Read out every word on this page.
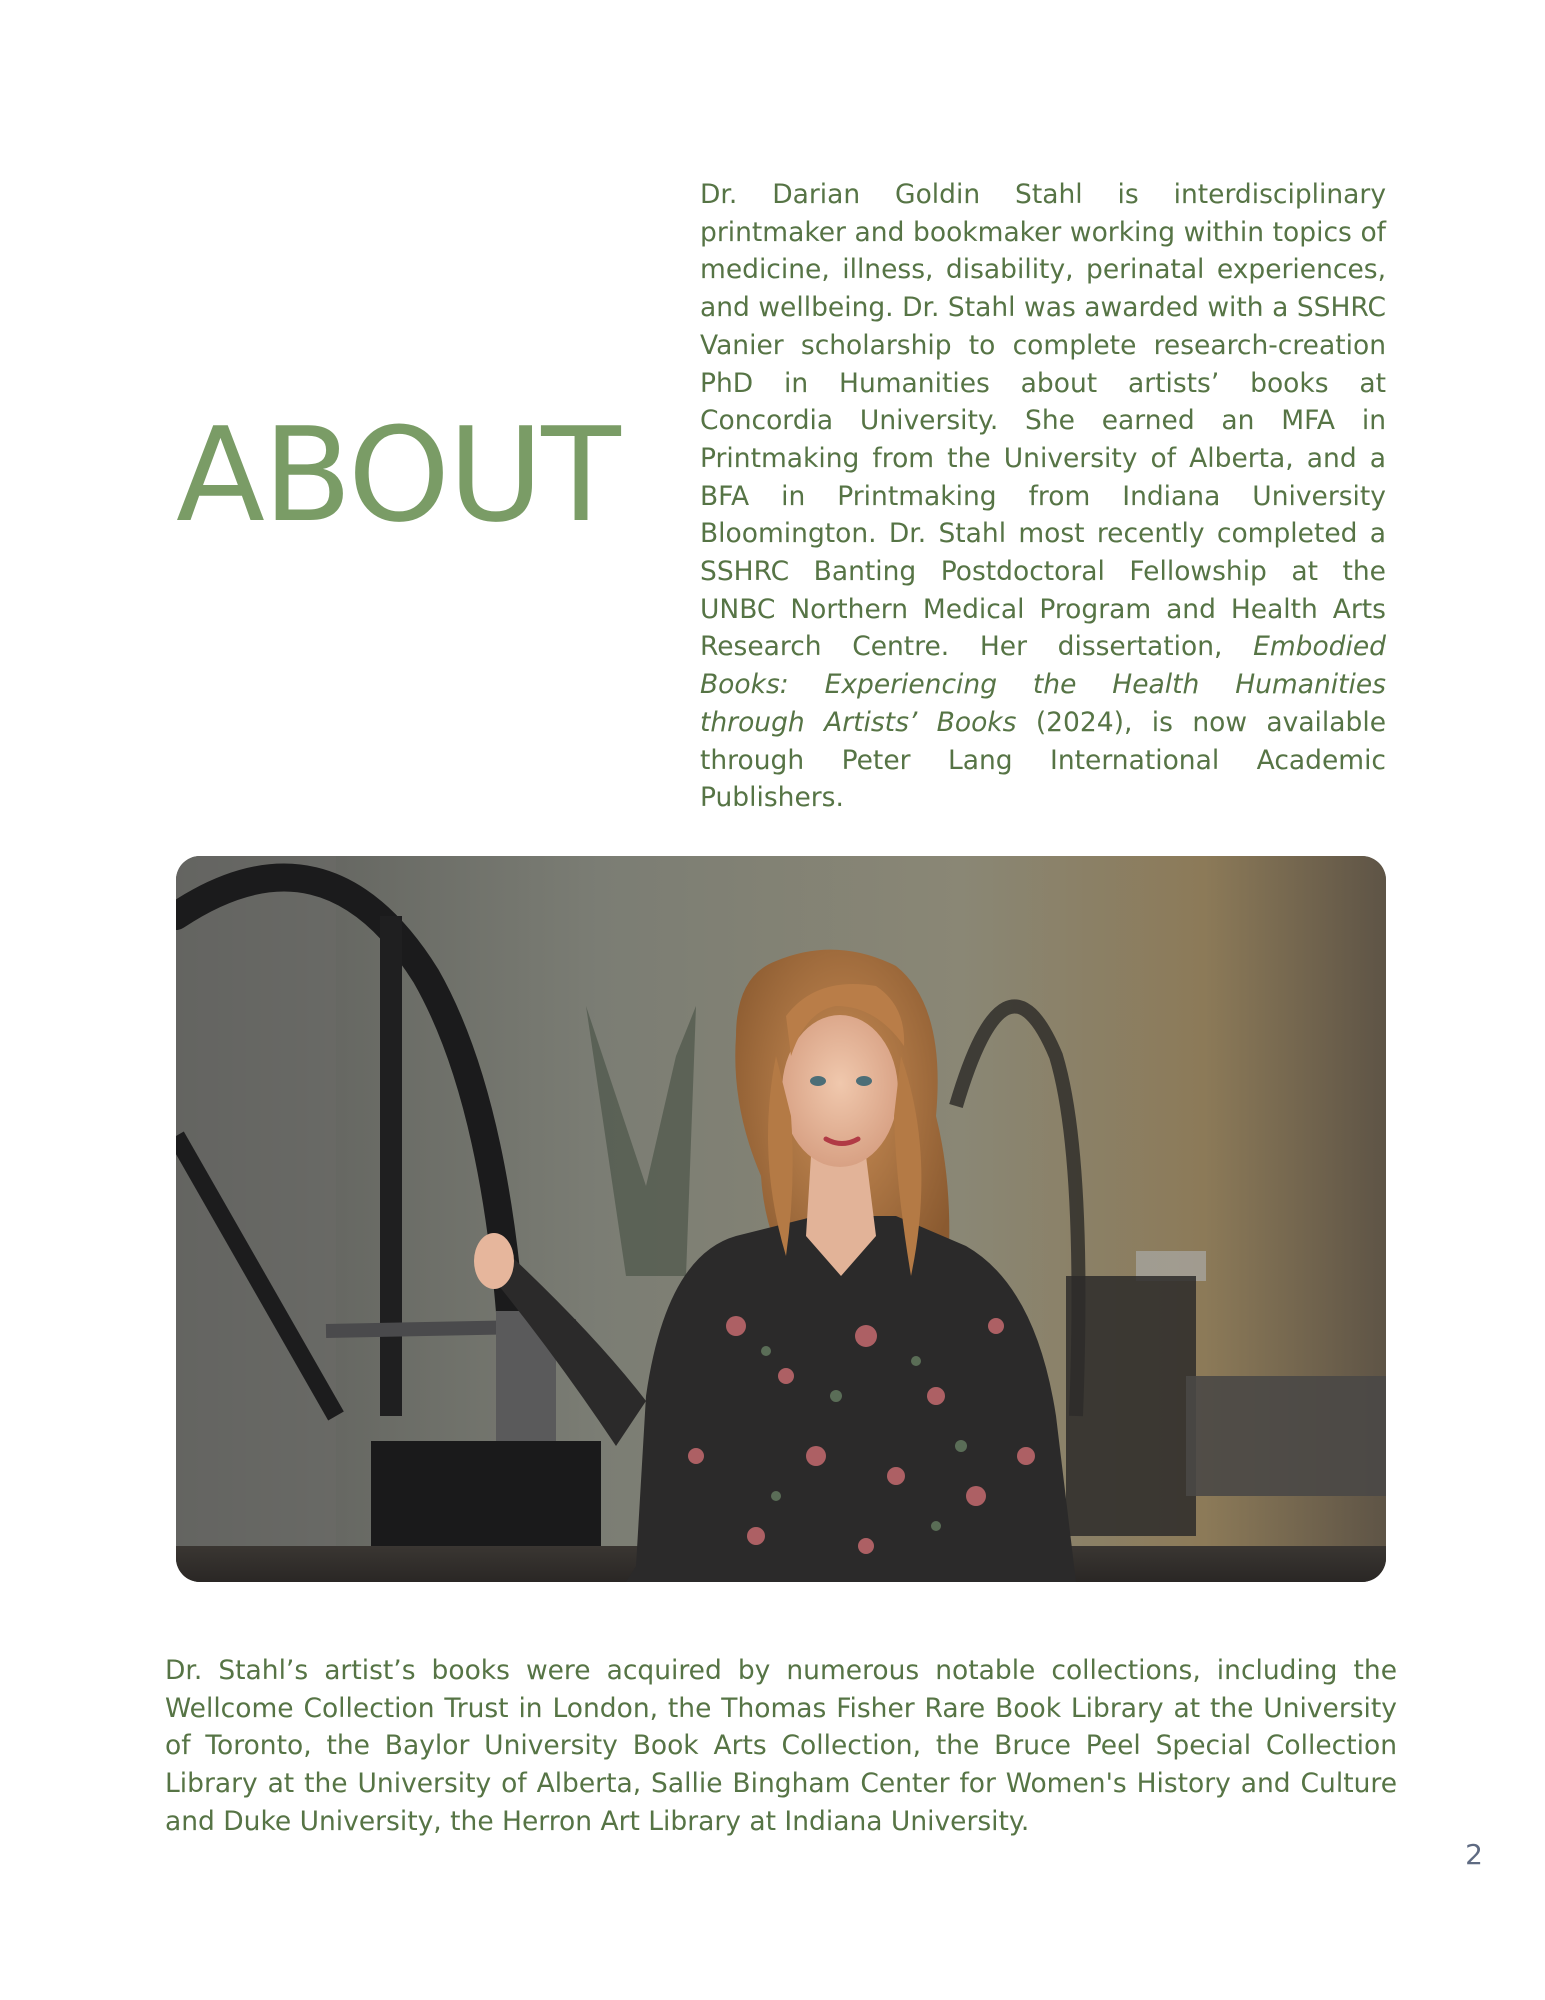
ABOUT

Dr. Darian Goldin Stahl is interdisciplinary printmaker and bookmaker working within topics of medicine, illness, disability, perinatal experiences, and wellbeing. Dr. Stahl was awarded with a SSHRC Vanier scholarship to complete research-creation PhD in Humanities about artists’ books at Concordia University. She earned an MFA in Printmaking from the University of Alberta, and a BFA in Printmaking from Indiana University Bloomington. Dr. Stahl most recently completed a SSHRC Banting Postdoctoral Fellowship at the UNBC Northern Medical Program and Health Arts Research Centre. Her dissertation, Embodied Books: Experiencing the Health Humanities through Artists’ Books (2024), is now available through Peter Lang International Academic Publishers.

Dr. Stahl’s artist’s books were acquired by numerous notable collections, including the Wellcome Collection Trust in London, the Thomas Fisher Rare Book Library at the University of Toronto, the Baylor University Book Arts Collection, the Bruce Peel Special Collection Library at the University of Alberta, Sallie Bingham Center for Women's History and Culture and Duke University, the Herron Art Library at Indiana University.

2
